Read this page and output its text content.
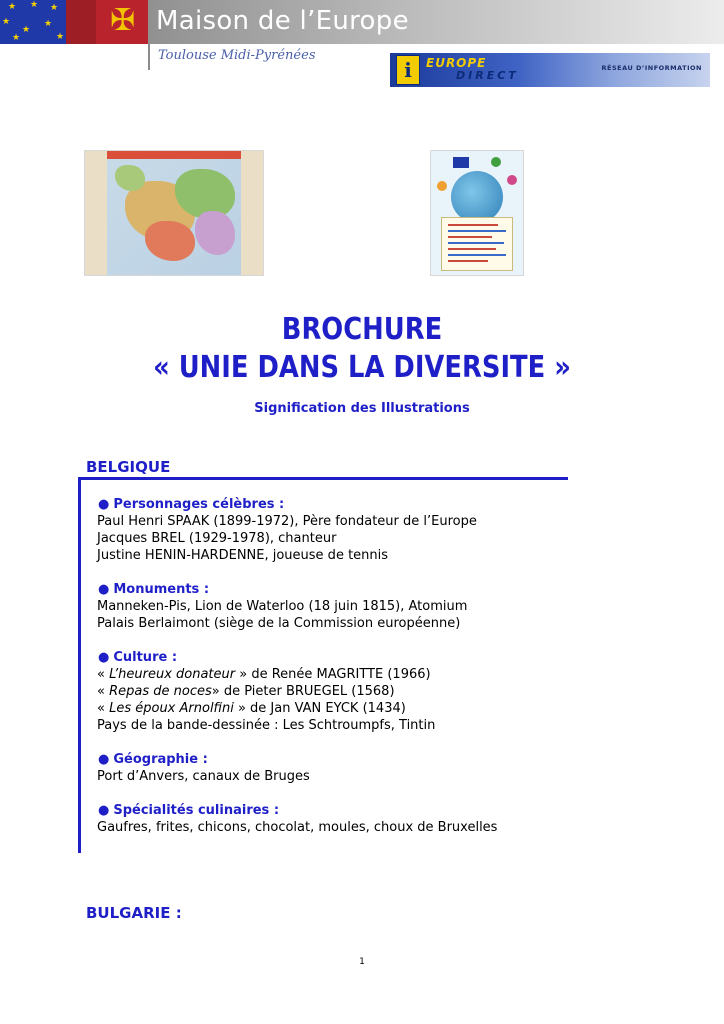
★ ★ ★
★
★
★
★	★ ✠ Maison de l’Europe
Toulouse Midi-Pyrénées
i	EUROPE
DIRECT
RÉSEAU D’INFORMATION
BROCHURE
« UNIE DANS LA DIVERSITE »
Signification des Illustrations
BELGIQUE
● Personnages célèbres :
Paul Henri SPAAK (1899-1972), Père fondateur de l’Europe
Jacques BREL (1929-1978), chanteur
Justine HENIN-HARDENNE, joueuse de tennis
● Monuments :
Manneken-Pis, Lion de Waterloo (18 juin 1815), Atomium
Palais Berlaimont (siège de la Commission européenne)
● Culture :
« L’heureux donateur » de Renée MAGRITTE (1966)
« Repas de noces» de Pieter BRUEGEL (1568)
« Les époux Arnolfini » de Jan VAN EYCK (1434)
Pays de la bande-dessinée : Les Schtroumpfs, Tintin
● Géographie :
Port d’Anvers, canaux de Bruges
● Spécialités culinaires :
Gaufres, frites, chicons, chocolat, moules, choux de Bruxelles
BULGARIE :
1
